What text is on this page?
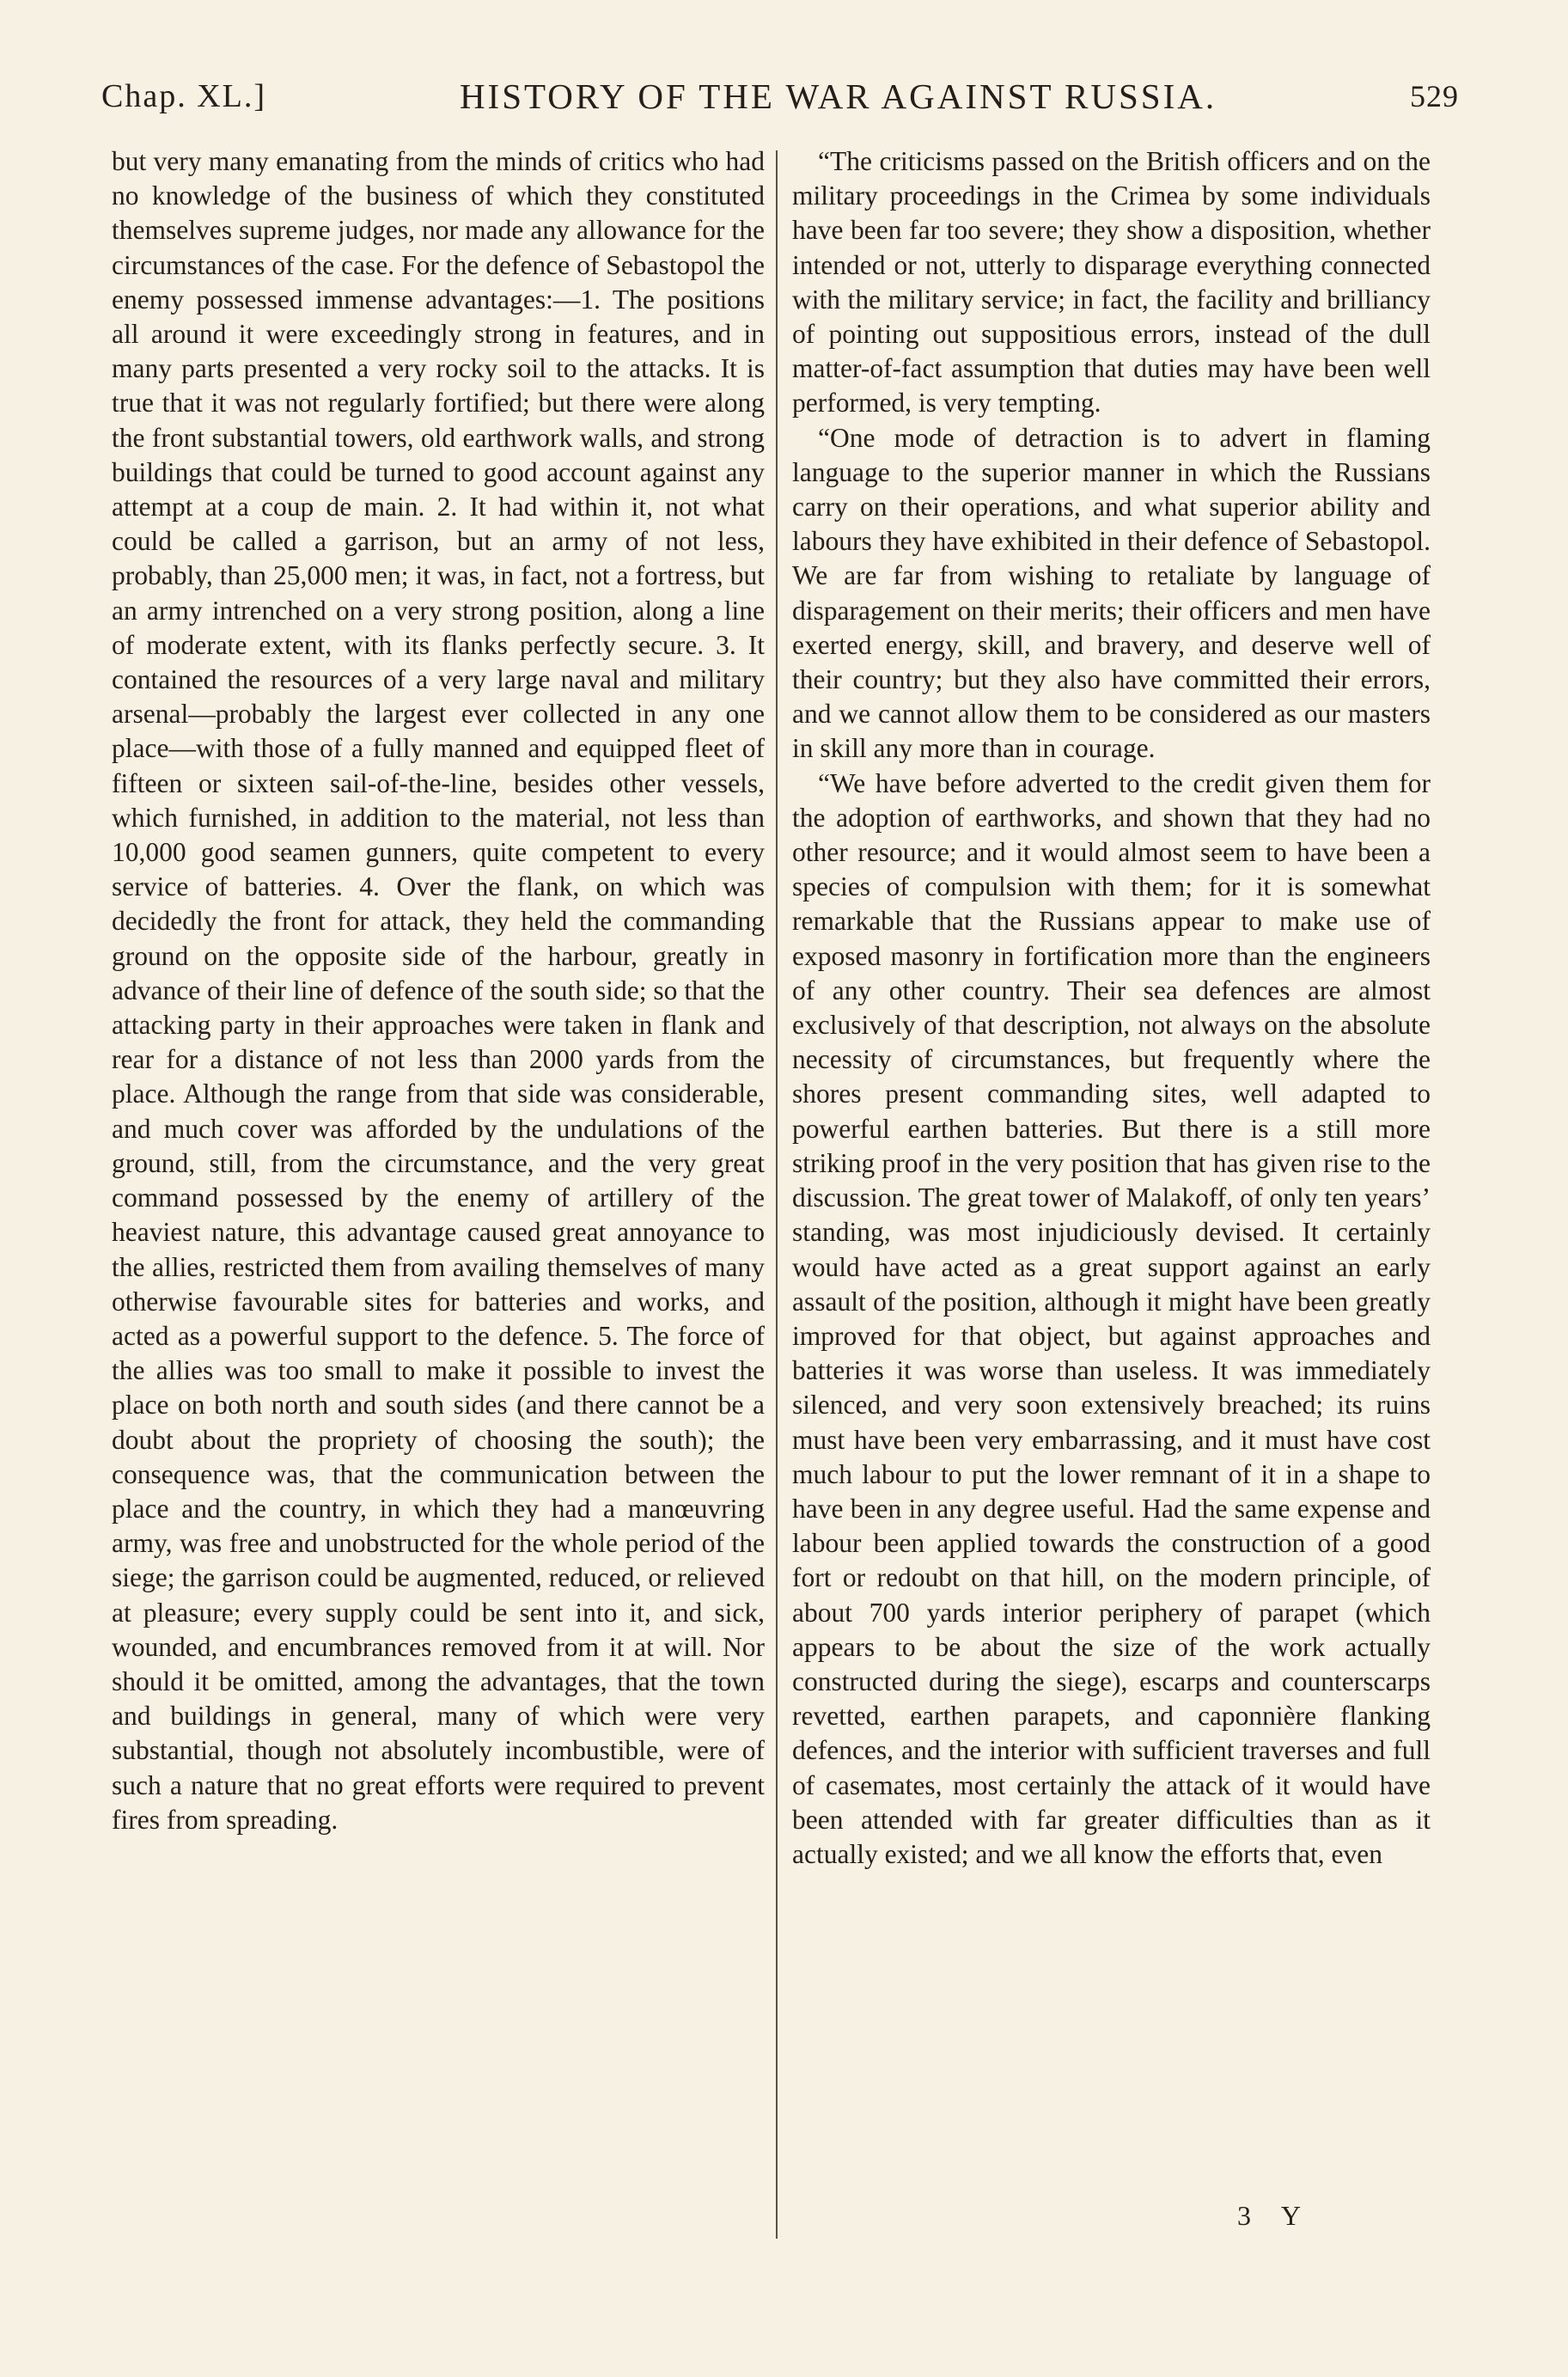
Chap. XL.]	HISTORY OF THE WAR AGAINST RUSSIA.	529

but very many emanating from the minds of critics who had no knowledge of the business of which they constituted themselves supreme judges, nor made any allowance for the circumstances of the case. For the defence of Sebastopol the enemy possessed immense advantages:—1. The positions all around it were exceedingly strong in features, and in many parts presented a very rocky soil to the attacks. It is true that it was not regularly fortified; but there were along the front substantial towers, old earthwork walls, and strong buildings that could be turned to good account against any attempt at a coup de main. 2. It had within it, not what could be called a garrison, but an army of not less, probably, than 25,000 men; it was, in fact, not a fortress, but an army intrenched on a very strong position, along a line of moderate extent, with its flanks perfectly secure. 3. It contained the resources of a very large naval and military arsenal—probably the largest ever collected in any one place—with those of a fully manned and equipped fleet of fifteen or sixteen sail-of-the-line, besides other vessels, which furnished, in addition to the material, not less than 10,000 good seamen gunners, quite competent to every service of batteries. 4. Over the flank, on which was decidedly the front for attack, they held the commanding ground on the opposite side of the harbour, greatly in advance of their line of defence of the south side; so that the attacking party in their approaches were taken in flank and rear for a distance of not less than 2000 yards from the place. Although the range from that side was considerable, and much cover was afforded by the undulations of the ground, still, from the circumstance, and the very great command possessed by the enemy of artillery of the heaviest nature, this advantage caused great annoyance to the allies, restricted them from availing themselves of many otherwise favourable sites for batteries and works, and acted as a powerful support to the defence. 5. The force of the allies was too small to make it possible to invest the place on both north and south sides (and there cannot be a doubt about the propriety of choosing the south); the consequence was, that the communication between the place and the country, in which they had a manœuvring army, was free and unobstructed for the whole period of the siege; the garrison could be augmented, reduced, or relieved at pleasure; every supply could be sent into it, and sick, wounded, and encumbrances removed from it at will. Nor should it be omitted, among the advantages, that the town and buildings in general, many of which were very substantial, though not absolutely incombustible, were of such a nature that no great efforts were required to prevent fires from spreading.

“The criticisms passed on the British officers and on the military proceedings in the Crimea by some individuals have been far too severe; they show a disposition, whether intended or not, utterly to disparage everything connected with the military service; in fact, the facility and brilliancy of pointing out suppositious errors, instead of the dull matter-of-fact assumption that duties may have been well performed, is very tempting.

“One mode of detraction is to advert in flaming language to the superior manner in which the Russians carry on their operations, and what superior ability and labours they have exhibited in their defence of Sebastopol. We are far from wishing to retaliate by language of disparagement on their merits; their officers and men have exerted energy, skill, and bravery, and deserve well of their country; but they also have committed their errors, and we cannot allow them to be considered as our masters in skill any more than in courage.

“We have before adverted to the credit given them for the adoption of earthworks, and shown that they had no other resource; and it would almost seem to have been a species of compulsion with them; for it is somewhat remarkable that the Russians appear to make use of exposed masonry in fortification more than the engineers of any other country. Their sea defences are almost exclusively of that description, not always on the absolute necessity of circumstances, but frequently where the shores present commanding sites, well adapted to powerful earthen batteries. But there is a still more striking proof in the very position that has given rise to the discussion. The great tower of Malakoff, of only ten years’ standing, was most injudiciously devised. It certainly would have acted as a great support against an early assault of the position, although it might have been greatly improved for that object, but against approaches and batteries it was worse than useless. It was immediately silenced, and very soon extensively breached; its ruins must have been very embarrassing, and it must have cost much labour to put the lower remnant of it in a shape to have been in any degree useful. Had the same expense and labour been applied towards the construction of a good fort or redoubt on that hill, on the modern principle, of about 700 yards interior periphery of parapet (which appears to be about the size of the work actually constructed during the siege), escarps and counterscarps revetted, earthen parapets, and caponnière flanking defences, and the interior with sufficient traverses and full of casemates, most certainly the attack of it would have been attended with far greater difficulties than as it actually existed; and we all know the efforts that, even

3 Y
